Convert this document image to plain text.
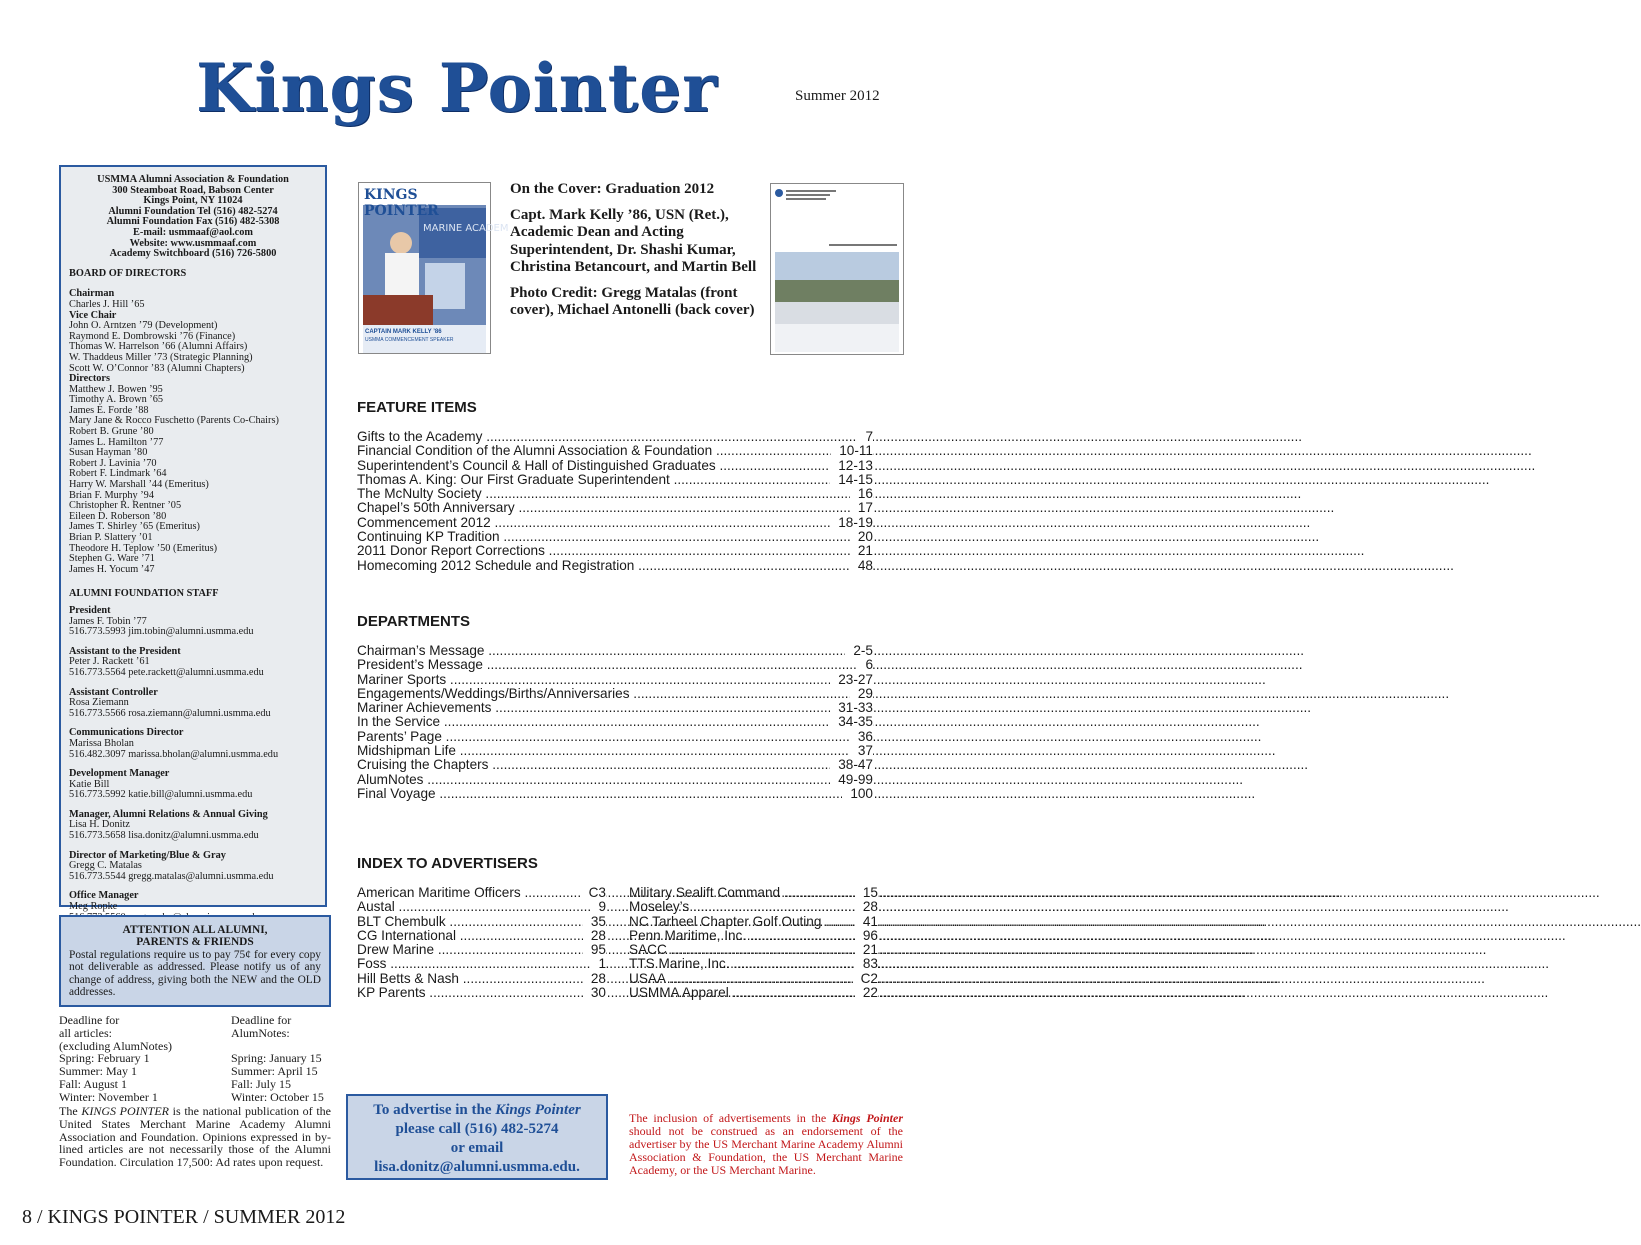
Kings Pointer	Summer 2012
USMMA Alumni Association & Foundation
300 Steamboat Road, Babson Center
Kings Point, NY 11024
Alumni Foundation Tel (516) 482-5274
Alumni Foundation Fax (516) 482-5308
E-mail: usmmaaf@aol.com
Website: www.usmmaaf.com
Academy Switchboard (516) 726-5800
BOARD OF DIRECTORS
Chairman
Charles J. Hill ’65
Vice Chair
John O. Arntzen ’79 (Development)
Raymond E. Dombrowski ’76 (Finance)
Thomas W. Harrelson ’66 (Alumni Affairs)
W. Thaddeus Miller ’73 (Strategic Planning)
Scott W. O’Connor ’83 (Alumni Chapters)
Directors
Matthew J. Bowen ’95
Timothy A. Brown ’65
James E. Forde ’88
Mary Jane & Rocco Fuschetto (Parents Co-Chairs)
Robert B. Grune ’80
James L. Hamilton ’77
Susan Hayman ’80
Robert J. Lavinia ’70
Robert F. Lindmark ’64
Harry W. Marshall ’44 (Emeritus)
Brian F. Murphy ’94
Christopher R. Rentner ’05
Eileen D. Roberson ’80
James T. Shirley ’65 (Emeritus)
Brian P. Slattery ’01
Theodore H. Teplow ’50 (Emeritus)
Stephen G. Ware ’71
James H. Yocum ’47
ALUMNI FOUNDATION STAFF
President
James F. Tobin ’77
516.773.5993 jim.tobin@alumni.usmma.edu
Assistant to the President
Peter J. Rackett ’61
516.773.5564 pete.rackett@alumni.usmma.edu
Assistant Controller
Rosa Ziemann
516.773.5566 rosa.ziemann@alumni.usmma.edu
Communications Director
Marissa Bholan
516.482.3097 marissa.bholan@alumni.usmma.edu
Development Manager
Katie Bill
516.773.5992 katie.bill@alumni.usmma.edu
Manager, Alumni Relations & Annual Giving
Lisa H. Donitz
516.773.5658 lisa.donitz@alumni.usmma.edu
Director of Marketing/Blue & Gray
Gregg C. Matalas
516.773.5544 gregg.matalas@alumni.usmma.edu
Office Manager
Meg Ropke
ATTENTION ALL ALUMNI,
PARENTS & FRIENDS
Postal regulations require us to pay 75¢ for every copy not deliverable as addressed. Please notify us of any change of address, giving both the NEW and the OLD addresses.
Deadline for
all articles:
(excluding AlumNotes)
Spring: February 1
Summer: May 1
Fall: August 1
Winter: November 1
Deadline for
AlumNotes:
Spring: January 15
Summer: April 15
Fall: July 15
Winter: October 15
The KINGS POINTER is the national publication of the United States Merchant Marine Academy Alumni Association and Foundation. Opinions expressed in by-lined articles are not necessarily those of the Alumni Foundation. Circulation 17,500: Ad rates upon request.
8 / KINGS POINTER / SUMMER 2012
MARINE ACADEM
KINGS POINTER
CAPTAIN MARK KELLY ’86
USMMA COMMENCEMENT SPEAKER

On the Cover: Graduation 2012

Capt. Mark Kelly ’86, USN (Ret.), Academic Dean and Acting Superintendent, Dr. Shashi Kumar, Christina Betancourt, and Martin Bell

Photo Credit: Gregg Matalas (front cover), Michael Antonelli (back cover)

FEATURE ITEMS
Gifts to the Academy .....	7
Financial Condition of the Alumni Association & Foundation .....	10-11
Superintendent’s Council & Hall of Distinguished Graduates .....	12-13
Thomas A. King: Our First Graduate Superintendent .....	14-15
The McNulty Society .....	16
Chapel’s 50th Anniversary .....	17
Commencement 2012 .....	18-19
Continuing KP Tradition .....	20
2011 Donor Report Corrections .....	21
Homecoming 2012 Schedule and Registration .....	48
DEPARTMENTS
Chairman’s Message .....	2-5
President’s Message .....	6
Mariner Sports .....	23-27
Engagements/Weddings/Births/Anniversaries .....	29
Mariner Achievements .....	31-33
In the Service .....	34-35
Parents’ Page .....	36
Midshipman Life .....	37
Cruising the Chapters .....	38-47
AlumNotes .....	49-99
Final Voyage .....	100
INDEX TO ADVERTISERS
American Maritime Officers .....	C3
Austal .....	9
BLT Chembulk .....	35
CG International .....	28
Drew Marine .....	95
Foss .....	1
Hill Betts & Nash .....	28
KP Parents .....	30
Military Sealift Command .....	15
Moseley’s .....	28
NC Tarheel Chapter Golf Outing .....	41
Penn Maritime, Inc. .....	96
SACC .....	21
TTS Marine, Inc. .....	83
USAA .....	C2
USMMA Apparel .....	22
To advertise in the Kings Pointer
please call (516) 482-5274
or email
lisa.donitz@alumni.usmma.edu.
The inclusion of advertisements in the Kings Pointer should not be construed as an endorsement of the advertiser by the US Merchant Marine Academy Alumni Association & Foundation, the US Merchant Marine Academy, or the US Merchant Marine.
